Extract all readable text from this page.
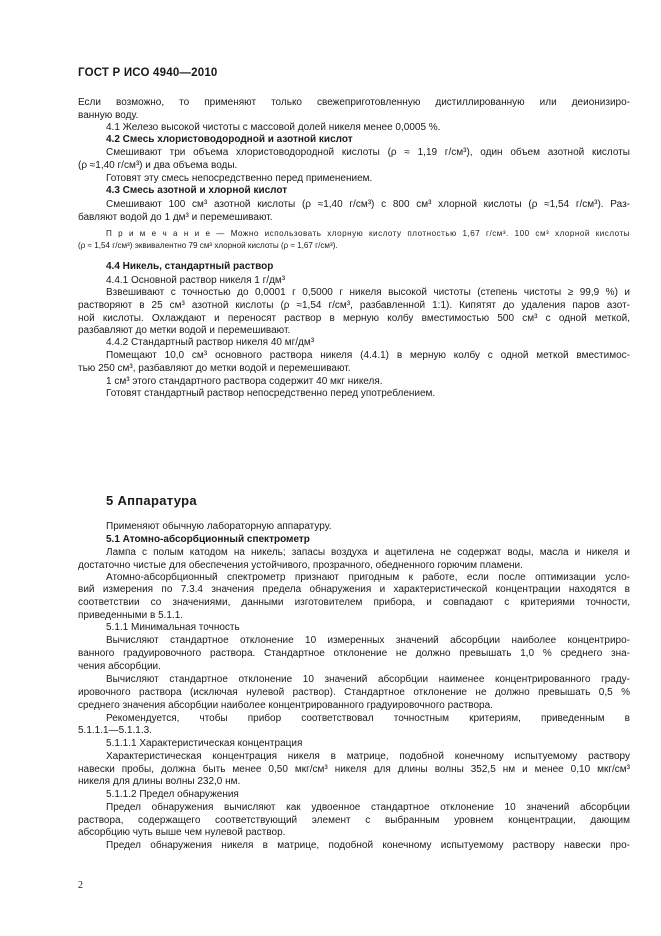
ГОСТ Р ИСО 4940—2010
Если возможно, то применяют только свежеприготовленную дистиллированную или деионизиро-
ванную воду.
4.1 Железо высокой чистоты с массовой долей никеля менее 0,0005 %.
4.2 Смесь хлористоводородной и азотной кислот
Смешивают три объема хлористоводородной кислоты (ρ ≈ 1,19 г/см³), один объем азотной кислоты
(ρ ≈1,40 г/см³) и два объема воды.
Готовят эту смесь непосредственно перед применением.
4.3 Смесь азотной и хлорной кислот
Смешивают 100 см³ азотной кислоты (ρ ≈1,40 г/см³) с 800 см³ хлорной кислоты (ρ ≈1,54 г/см³). Раз-
бавляют водой до 1 дм³ и перемешивают.
П р и м е ч а н и е — Можно использовать хлорную кислоту плотностью 1,67 г/см³. 100 см³ хлорной кислоты
(ρ ≈ 1,54 г/см³) эквивалентно 79 см³ хлорной кислоты (ρ ≈ 1,67 г/см³).
4.4 Никель, стандартный раствор
4.4.1 Основной раствор никеля 1 г/дм³
Взвешивают с точностью до 0,0001 г 0,5000 г никеля высокой чистоты (степень чистоты ≥ 99,9 %) и
растворяют в 25 см³ азотной кислоты (ρ ≈1,54 г/см³, разбавленной 1:1). Кипятят до удаления паров азот-
ной кислоты. Охлаждают и переносят раствор в мерную колбу вместимостью 500 см³ с одной меткой,
разбавляют до метки водой и перемешивают.
4.4.2 Стандартный раствор никеля 40 мг/дм³
Помещают 10,0 см³ основного раствора никеля (4.4.1) в мерную колбу с одной меткой вместимос-
тью 250 см³, разбавляют до метки водой и перемешивают.
1 см³ этого стандартного раствора содержит 40 мкг никеля.
Готовят стандартный раствор непосредственно перед употреблением.
5 Аппаратура
Применяют обычную лабораторную аппаратуру.
5.1 Атомно-абсорбционный спектрометр
Лампа с полым катодом на никель; запасы воздуха и ацетилена не содержат воды, масла и никеля и
достаточно чистые для обеспечения устойчивого, прозрачного, обедненного горючим пламени.
Атомно-абсорбционный спектрометр признают пригодным к работе, если после оптимизации усло-
вий измерения по 7.3.4 значения предела обнаружения и характеристической концентрации находятся в
соответствии со значениями, данными изготовителем прибора, и совпадают с критериями точности,
приведенными в 5.1.1.
5.1.1 Минимальная точность
Вычисляют стандартное отклонение 10 измеренных значений абсорбции наиболее концентриро-
ванного градуировочного раствора. Стандартное отклонение не должно превышать 1,0 % среднего зна-
чения абсорбции.
Вычисляют стандартное отклонение 10 значений абсорбции наименее концентрированного граду-
ировочного раствора (исключая нулевой раствор). Стандартное отклонение не должно превышать 0,5 %
среднего значения абсорбции наиболее концентрированного градуировочного раствора.
Рекомендуется, чтобы прибор соответствовал точностным критериям, приведенным в
5.1.1.1—5.1.1.3.
5.1.1.1 Характеристическая концентрация
Характеристическая концентрация никеля в матрице, подобной конечному испытуемому раствору
навески пробы, должна быть менее 0,50 мкг/см³ никеля для длины волны 352,5 нм и менее 0,10 мкг/см³
никеля для длины волны 232,0 нм.
5.1.1.2 Предел обнаружения
Предел обнаружения вычисляют как удвоенное стандартное отклонение 10 значений абсорбции
раствора, содержащего соответствующий элемент с выбранным уровнем концентрации, дающим
абсорбцию чуть выше чем нулевой раствор.
Предел обнаружения никеля в матрице, подобной конечному испытуемому раствору навески про-
2
